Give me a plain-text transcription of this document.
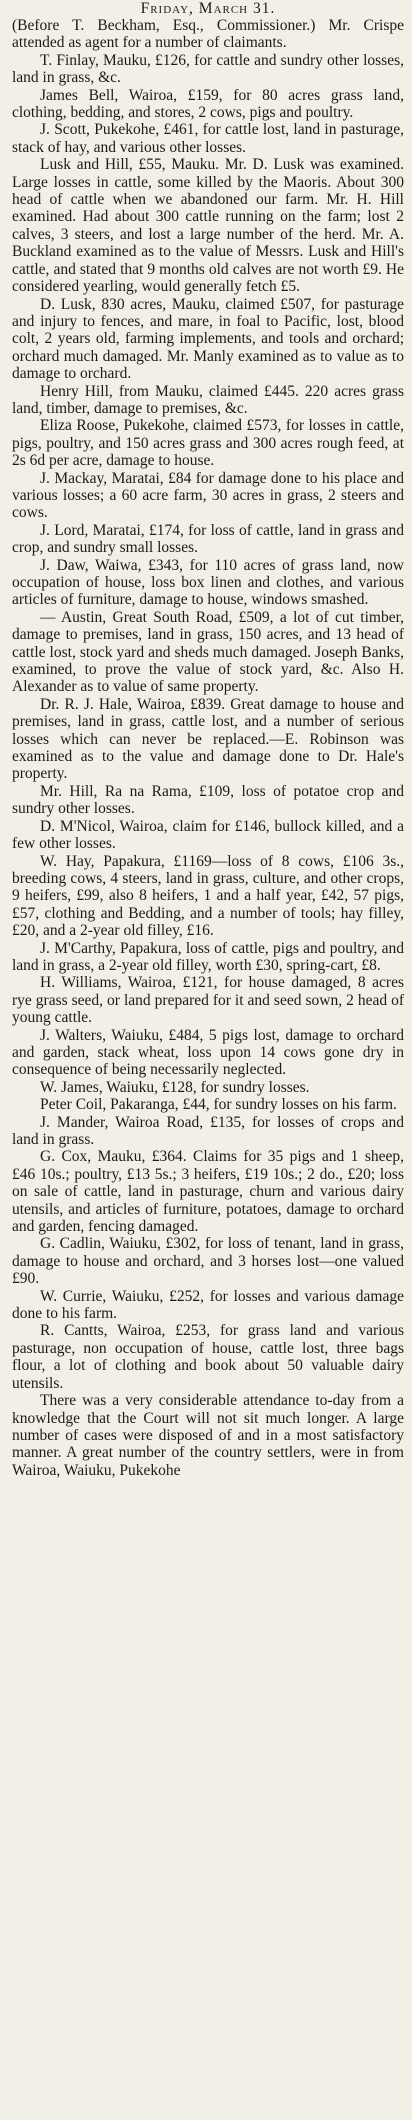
Friday, March 31.

(Before T. Beckham, Esq., Commissioner.) Mr. Crispe attended as agent for a number of claimants.

T. Finlay, Mauku, £126, for cattle and sundry other losses, land in grass, &c.

James Bell, Wairoa, £159, for 80 acres grass land, clothing, bedding, and stores, 2 cows, pigs and poultry.

J. Scott, Pukekohe, £461, for cattle lost, land in pasturage, stack of hay, and various other losses.

Lusk and Hill, £55, Mauku. Mr. D. Lusk was examined. Large losses in cattle, some killed by the Maoris. About 300 head of cattle when we abandoned our farm. Mr. H. Hill examined. Had about 300 cattle running on the farm; lost 2 calves, 3 steers, and lost a large number of the herd. Mr. A. Buckland examined as to the value of Messrs. Lusk and Hill's cattle, and stated that 9 months old calves are not worth £9. He considered yearling, would generally fetch £5.

D. Lusk, 830 acres, Mauku, claimed £507, for pasturage and injury to fences, and mare, in foal to Pacific, lost, blood colt, 2 years old, farming implements, and tools and orchard; orchard much damaged. Mr. Manly examined as to value as to damage to orchard.

Henry Hill, from Mauku, claimed £445. 220 acres grass land, timber, damage to premises, &c.

Eliza Roose, Pukekohe, claimed £573, for losses in cattle, pigs, poultry, and 150 acres grass and 300 acres rough feed, at 2s 6d per acre, damage to house.

J. Mackay, Maratai, £84 for damage done to his place and various losses; a 60 acre farm, 30 acres in grass, 2 steers and cows.

J. Lord, Maratai, £174, for loss of cattle, land in grass and crop, and sundry small losses.

J. Daw, Waiwa, £343, for 110 acres of grass land, now occupation of house, loss box linen and clothes, and various articles of furniture, damage to house, windows smashed.

— Austin, Great South Road, £509, a lot of cut timber, damage to premises, land in grass, 150 acres, and 13 head of cattle lost, stock yard and sheds much damaged. Joseph Banks, examined, to prove the value of stock yard, &c. Also H. Alexander as to value of same property.

Dr. R. J. Hale, Wairoa, £839. Great damage to house and premises, land in grass, cattle lost, and a number of serious losses which can never be replaced.—E. Robinson was examined as to the value and damage done to Dr. Hale's property.

Mr. Hill, Ra na Rama, £109, loss of potatoe crop and sundry other losses.

D. M'Nicol, Wairoa, claim for £146, bullock killed, and a few other losses.

W. Hay, Papakura, £1169—loss of 8 cows, £106 3s., breeding cows, 4 steers, land in grass, culture, and other crops, 9 heifers, £99, also 8 heifers, 1 and a half year, £42, 57 pigs, £57, clothing and Bedding, and a number of tools; hay filley, £20, and a 2-year old filley, £16.

J. M'Carthy, Papakura, loss of cattle, pigs and poultry, and land in grass, a 2-year old filley, worth £30, spring-cart, £8.

H. Williams, Wairoa, £121, for house damaged, 8 acres rye grass seed, or land prepared for it and seed sown, 2 head of young cattle.

J. Walters, Waiuku, £484, 5 pigs lost, damage to orchard and garden, stack wheat, loss upon 14 cows gone dry in consequence of being necessarily neglected.

W. James, Waiuku, £128, for sundry losses.

Peter Coil, Pakaranga, £44, for sundry losses on his farm.

J. Mander, Wairoa Road, £135, for losses of crops and land in grass.

G. Cox, Mauku, £364. Claims for 35 pigs and 1 sheep, £46 10s.; poultry, £13 5s.; 3 heifers, £19 10s.; 2 do., £20; loss on sale of cattle, land in pasturage, churn and various dairy utensils, and articles of furniture, potatoes, damage to orchard and garden, fencing damaged.

G. Cadlin, Waiuku, £302, for loss of tenant, land in grass, damage to house and orchard, and 3 horses lost—one valued £90.

W. Currie, Waiuku, £252, for losses and various damage done to his farm.

R. Cantts, Wairoa, £253, for grass land and various pasturage, non occupation of house, cattle lost, three bags flour, a lot of clothing and book about 50 valuable dairy utensils.

There was a very considerable attendance to-day from a knowledge that the Court will not sit much longer. A large number of cases were disposed of and in a most satisfactory manner. A great number of the country settlers, were in from Wairoa, Waiuku, Pukekohe
